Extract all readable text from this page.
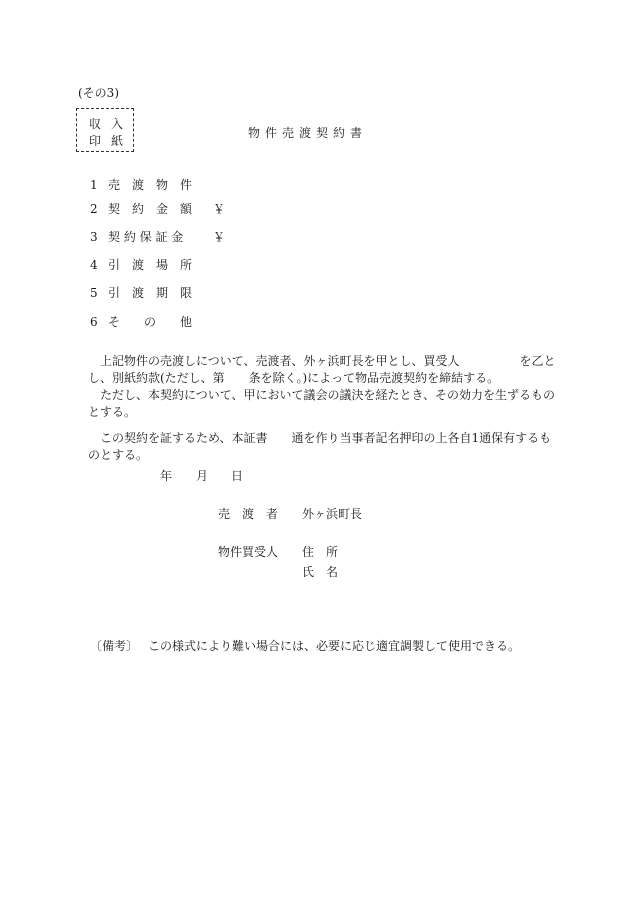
(その3)
収入
印紙
物件売渡契約書
1 売　渡　物　件
2 契　約　金　額 ￥
3 契 約 保 証 金 ￥
4 引　渡　場　所
5 引　渡　期　限
6 そ　　の　　他
　上記物件の売渡しについて、売渡者、外ヶ浜町長を甲とし、買受人　　　　　を乙とし、別紙約款(ただし、第　　条を除く。)によって物品売渡契約を締結する。
　ただし、本契約について、甲において議会の議決を経たとき、その効力を生ずるものとする。
　この契約を証するため、本証書　　通を作り当事者記名押印の上各自1通保有するものとする。
年 月 日
売　渡　者 外ヶ浜町長
物件買受人 住　所
氏　名
〔備考〕 この様式により難い場合には、必要に応じ適宜調製して使用できる。
